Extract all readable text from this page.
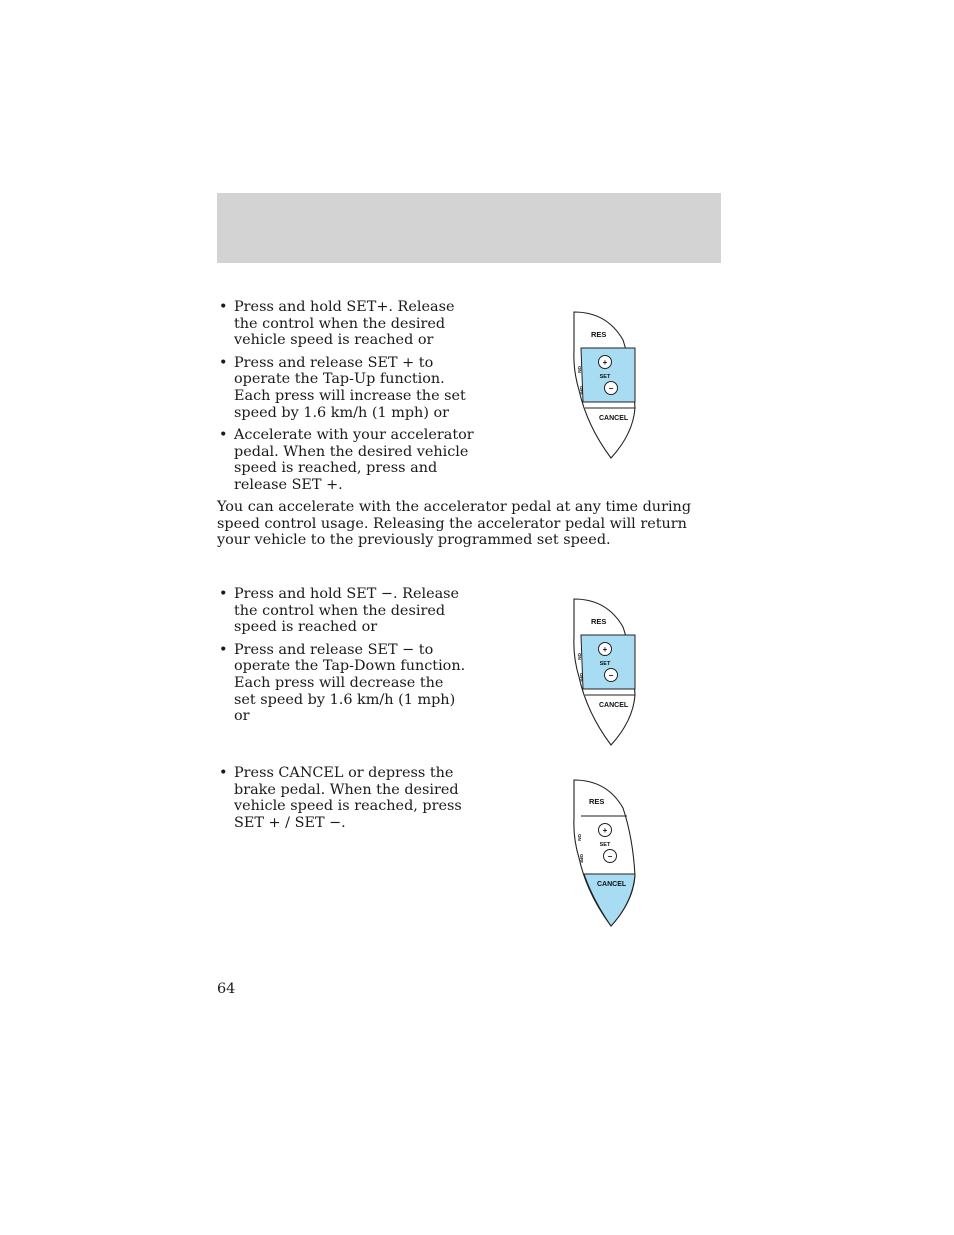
• Press and hold SET+. Release the control when the desired vehicle speed is reached or
• Press and release SET + to operate the Tap-Up function. Each press will increase the set speed by 1.6 km/h (1 mph) or
• Accelerate with your accelerator pedal. When the desired vehicle speed is reached, press and release SET +.
RES
+
SET
−
ON
OFF
CANCEL
You can accelerate with the accelerator pedal at any time during speed control usage. Releasing the accelerator pedal will return your vehicle to the previously programmed set speed.
• Press and hold SET −. Release the control when the desired speed is reached or
• Press and release SET − to operate the Tap-Down function. Each press will decrease the set speed by 1.6 km/h (1 mph) or
RES
+
SET
−
ON
OFF
CANCEL
• Press CANCEL or depress the brake pedal. When the desired vehicle speed is reached, press SET + / SET −.
RES
+
SET
−
ON
OFF
CANCEL
64
